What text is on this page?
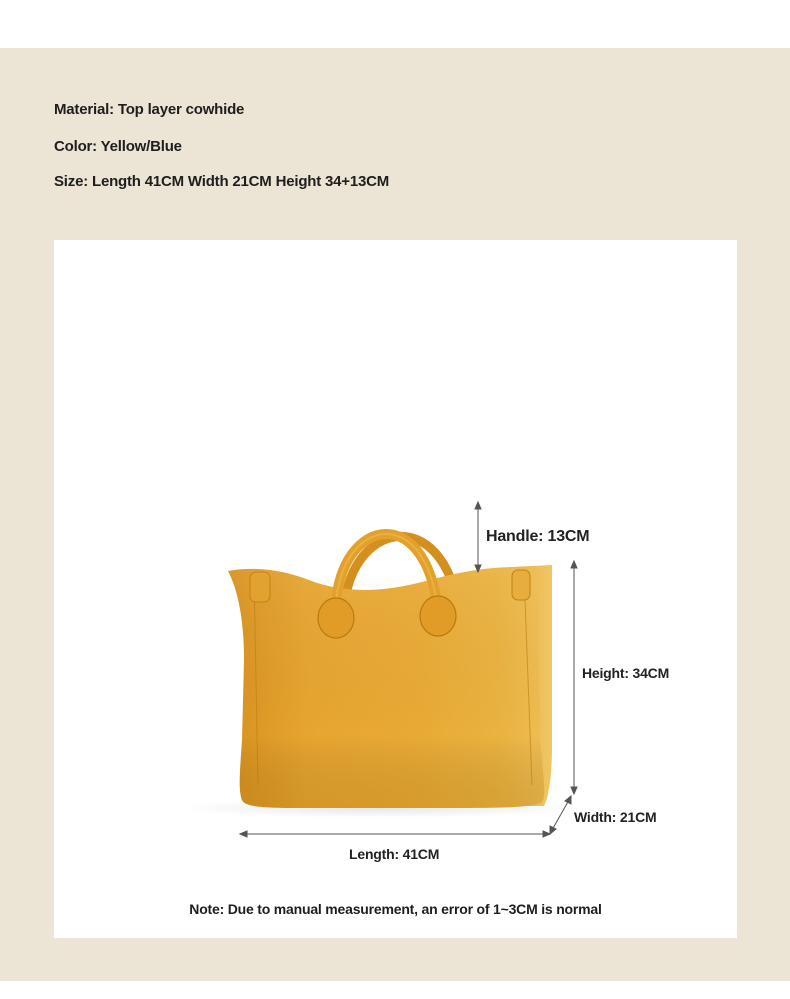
Material: Top layer cowhide
Color: Yellow/Blue
Size: Length 41CM Width 21CM Height 34+13CM
Handle: 13CM
Height: 34CM
Width: 21CM
Length: 41CM
Note: Due to manual measurement, an error of 1~3CM is normal
